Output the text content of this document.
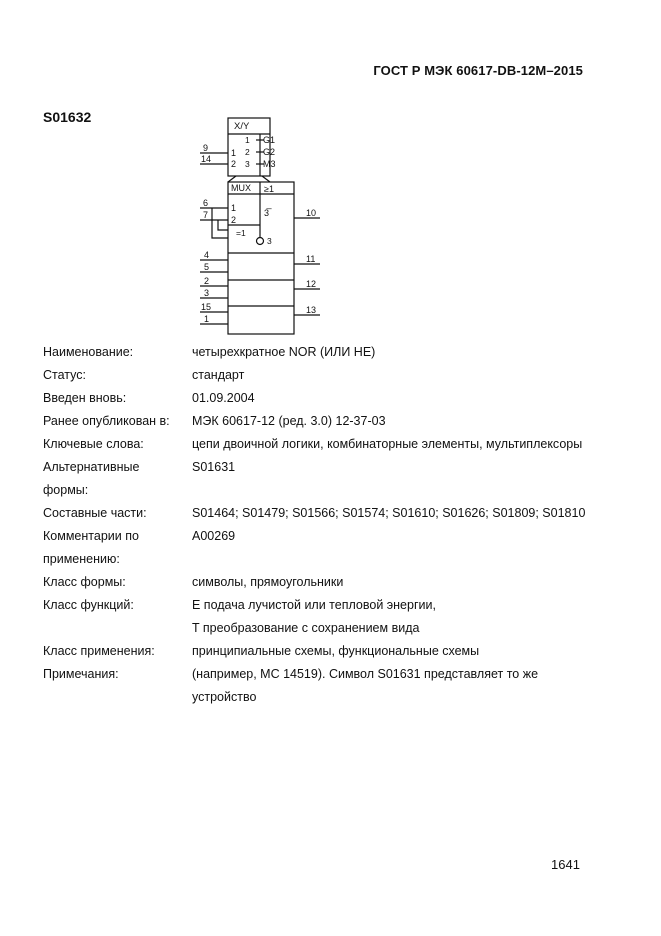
ГОСТ Р МЭК 60617-DB-12М–2015
S01632
X/Y
1
2
3
G1
G2
M3
1
2
9
14
MUX ≥1
1
2
3̅
=1
3
6
7	10
11
12
13
4
5
2
3
15
1
Наименование:	четырехкратное NOR (ИЛИ НЕ)
Статус:	стандарт
Введен вновь:	01.09.2004
Ранее опубликован в:	МЭК 60617-12 (ред. 3.0) 12-37-03
Ключевые слова:	цепи двоичной логики, комбинаторные элементы, мультиплексоры
Альтернативные
формы:
S01631
Составные части:	S01464; S01479; S01566; S01574; S01610; S01626; S01809; S01810
Комментарии по
применению:
A00269
Класс формы:	символы, прямоугольники
Класс функций:	E подача лучистой или тепловой энергии,
T преобразование с сохранением вида
Класс применения:	принципиальные схемы, функциональные схемы
Примечания:	(например, МС 14519). Символ S01631 представляет то же
устройство
1641
